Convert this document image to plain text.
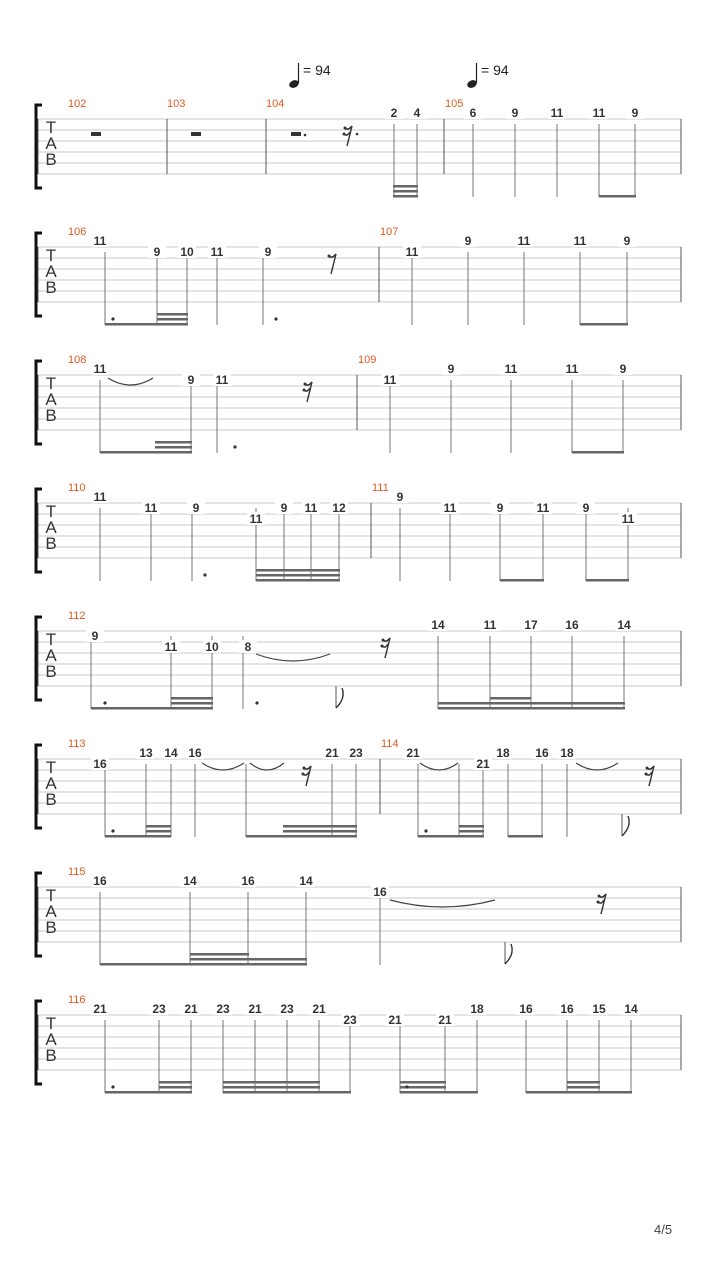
= 94	= 94
T
A
B
102	103	104	105
2 4	6	9	11 11 9
T
A
B
106	107
11
9 10 11	9	11
9	11	11	9
T
A
B
108	109
11
9 11	11
9	11	11	9
T
A
B
110	111
11
11	9
11
9 11 12
9
11	9	11	9
11
T
A
B
112
9
11 10 8
14	11 17 16	14
T
A
B
113	114
16
13 14 16	21 23	21
21
18 16 18
T
A
B
115
16	14	16	14
16
T
A
B
116
21	23 21 23 21 23 21
23	21	21
18	16 16 15 14
4/5
